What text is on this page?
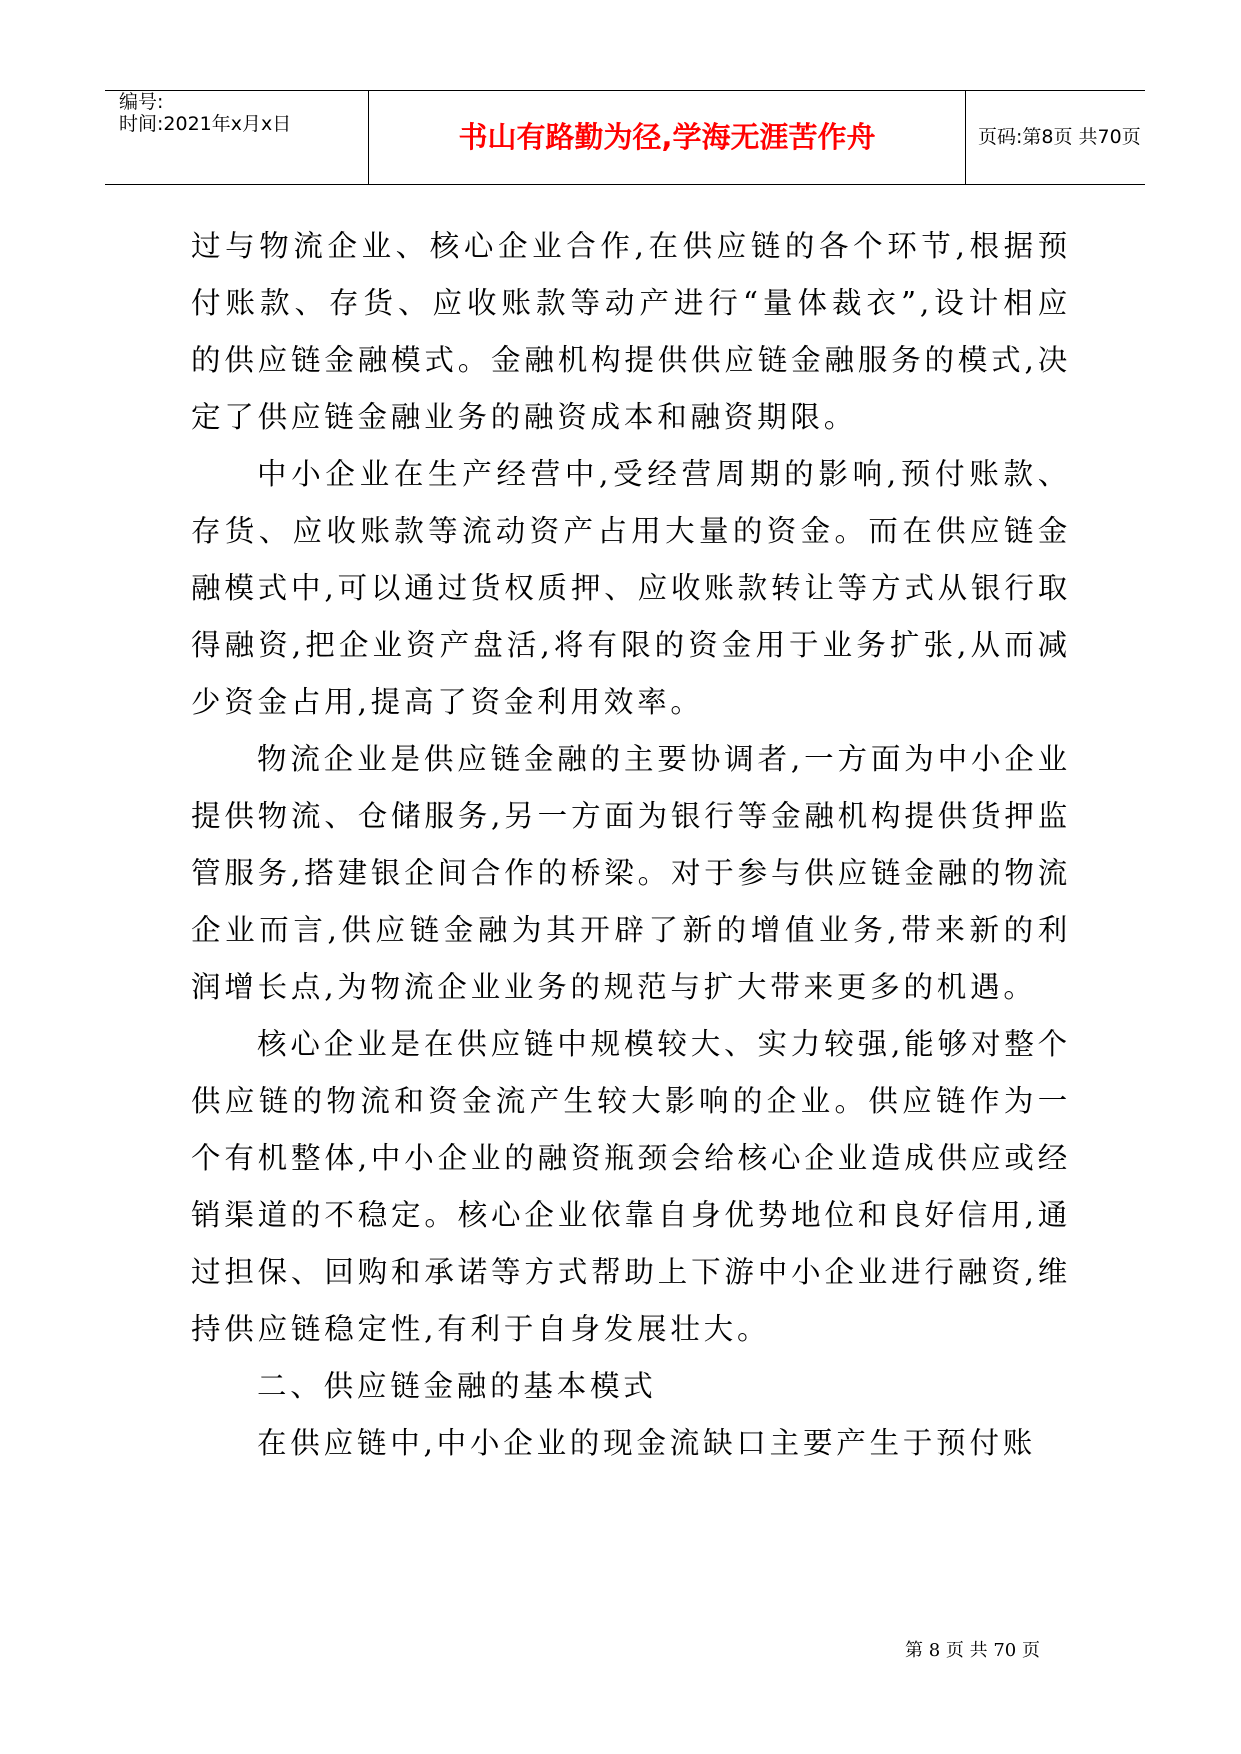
编号:
时间:2021年x月x日	书山有路勤为径,学海无涯苦作舟	页码:第8页 共70页

过与物流企业、核心企业合作,在供应链的各个环节,根据预付账款、存货、应收账款等动产进行“量体裁衣”,设计相应的供应链金融模式。金融机构提供供应链金融服务的模式,决定了供应链金融业务的融资成本和融资期限。

中小企业在生产经营中,受经营周期的影响,预付账款、存货、应收账款等流动资产占用大量的资金。而在供应链金融模式中,可以通过货权质押、应收账款转让等方式从银行取得融资,把企业资产盘活,将有限的资金用于业务扩张,从而减少资金占用,提高了资金利用效率。

物流企业是供应链金融的主要协调者,一方面为中小企业提供物流、仓储服务,另一方面为银行等金融机构提供货押监管服务,搭建银企间合作的桥梁。对于参与供应链金融的物流企业而言,供应链金融为其开辟了新的增值业务,带来新的利润增长点,为物流企业业务的规范与扩大带来更多的机遇。

核心企业是在供应链中规模较大、实力较强,能够对整个供应链的物流和资金流产生较大影响的企业。供应链作为一个有机整体,中小企业的融资瓶颈会给核心企业造成供应或经销渠道的不稳定。核心企业依靠自身优势地位和良好信用,通过担保、回购和承诺等方式帮助上下游中小企业进行融资,维持供应链稳定性,有利于自身发展壮大。

二、供应链金融的基本模式

在供应链中,中小企业的现金流缺口主要产生于预付账

第 8 页 共 70 页
